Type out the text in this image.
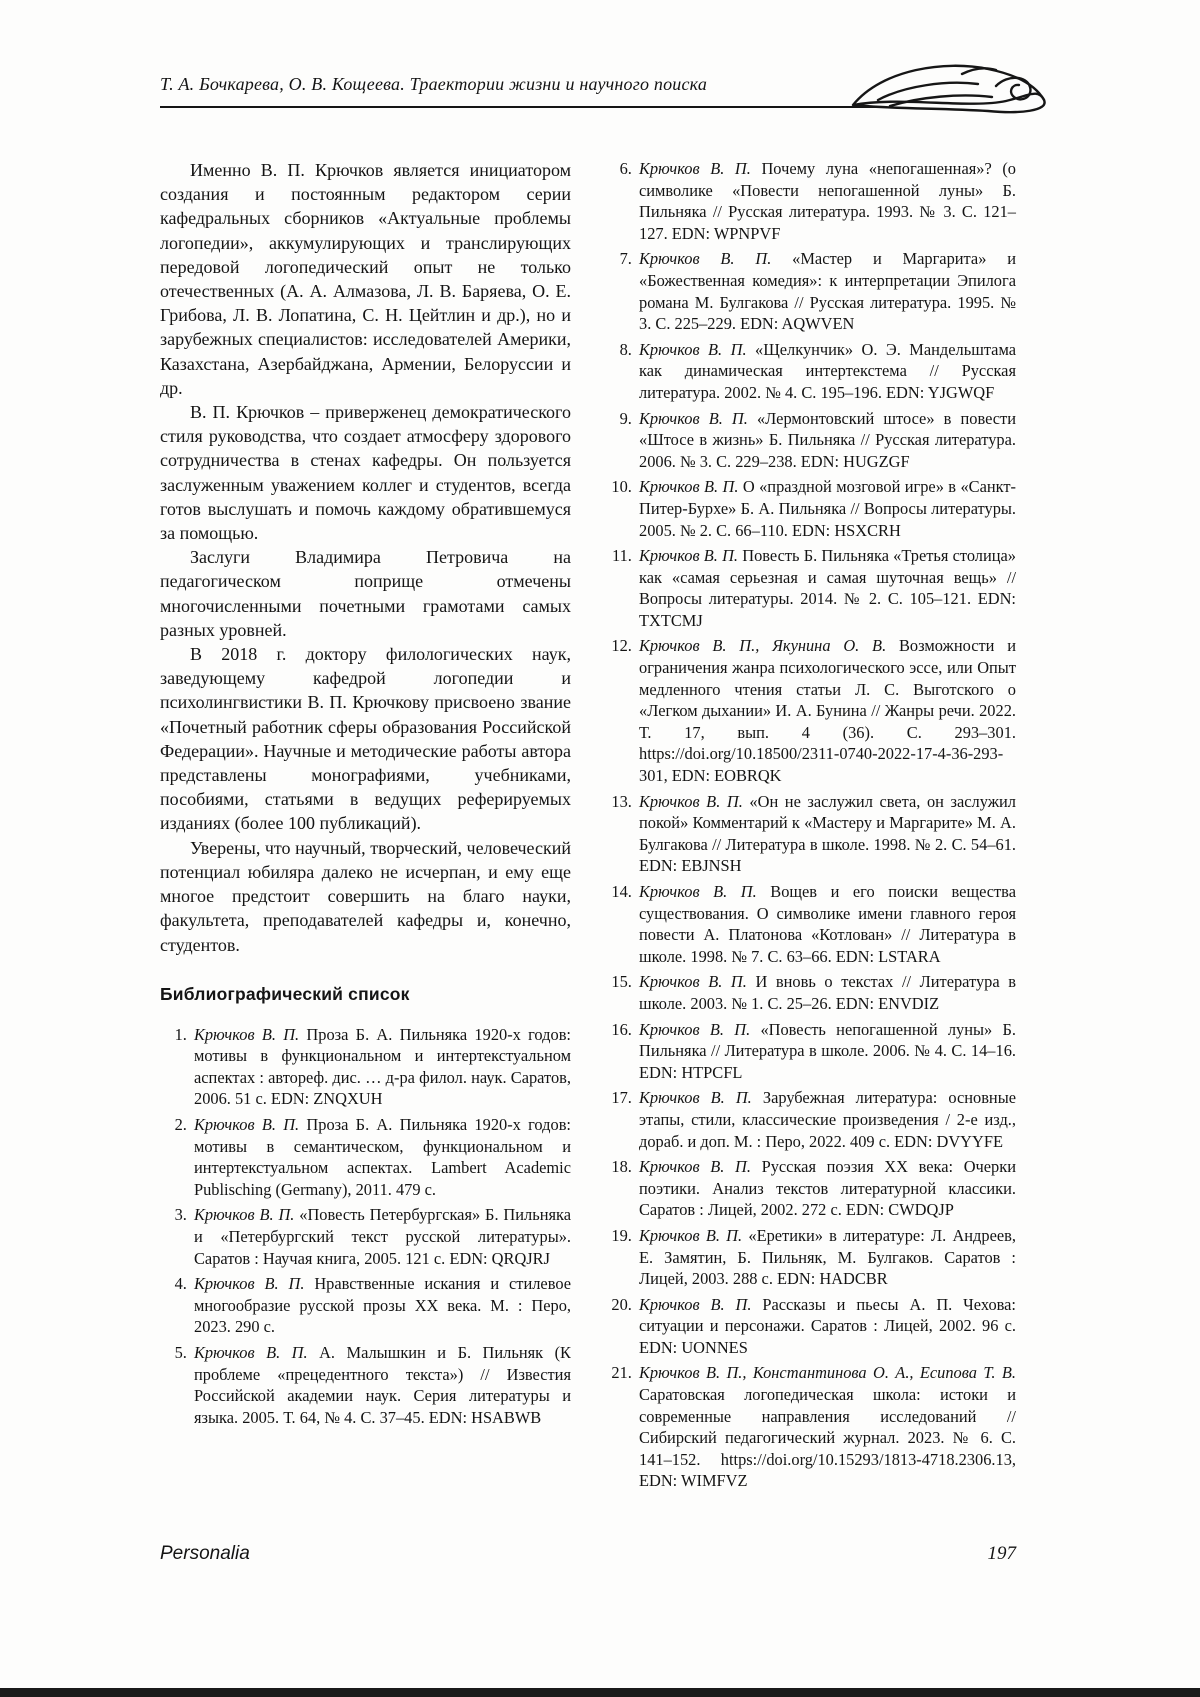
Т. А. Бочкарева, О. В. Кощеева. Траектории жизни и научного поиска

Именно В. П. Крючков является инициатором создания и постоянным редактором серии кафедральных сборников «Актуальные проблемы логопедии», аккумулирующих и транслирующих передовой логопедический опыт не только отечественных (А. А. Алмазова, Л. В. Баряева, О. Е. Грибова, Л. В. Лопатина, С. Н. Цейтлин и др.), но и зарубежных специалистов: исследователей Америки, Казахстана, Азербайджана, Армении, Белоруссии и др.

В. П. Крючков – приверженец демократического стиля руководства, что создает атмосферу здорового сотрудничества в стенах кафедры. Он пользуется заслуженным уважением коллег и студентов, всегда готов выслушать и помочь каждому обратившемуся за помощью.

Заслуги Владимира Петровича на педагогическом поприще отмечены многочисленными почетными грамотами самых разных уровней.

В 2018 г. доктору филологических наук, заведующему кафедрой логопедии и психолингвистики В. П. Крючкову присвоено звание «Почетный работник сферы образования Российской Федерации». Научные и методические работы автора представлены монографиями, учебниками, пособиями, статьями в ведущих реферируемых изданиях (более 100 публикаций).

Уверены, что научный, творческий, человеческий потенциал юбиляра далеко не исчерпан, и ему еще многое предстоит совершить на благо науки, факультета, преподавателей кафедры и, конечно, студентов.

Библиографический список
1. Крючков В. П. Проза Б. А. Пильняка 1920-х годов: мотивы в функциональном и интертекстуальном аспектах : автореф. дис. … д-ра филол. наук. Саратов, 2006. 51 с. EDN: ZNQXUH
2. Крючков В. П. Проза Б. А. Пильняка 1920-х годов: мотивы в семантическом, функциональном и интертекстуальном аспектах. Lambert Academic Publisching (Germany), 2011. 479 с.
3. Крючков В. П. «Повесть Петербургская» Б. Пильняка и «Петербургский текст русской литературы». Саратов : Научая книга, 2005. 121 с. EDN: QRQJRJ
4. Крючков В. П. Нравственные искания и стилевое многообразие русской прозы XX века. М. : Перо, 2023. 290 с.
5. Крючков В. П. А. Малышкин и Б. Пильняк (К проблеме «прецедентного текста») // Известия Российской академии наук. Серия литературы и языка. 2005. Т. 64, № 4. С. 37–45. EDN: HSABWB
6. Крючков В. П. Почему луна «непогашенная»? (о символике «Повести непогашенной луны» Б. Пильняка // Русская литература. 1993. № 3. С. 121–127. EDN: WPNPVF
7. Крючков В. П. «Мастер и Маргарита» и «Божественная комедия»: к интерпретации Эпилога романа М. Булгакова // Русская литература. 1995. № 3. С. 225–229. EDN: AQWVEN
8. Крючков В. П. «Щелкунчик» О. Э. Мандельштама как динамическая интертекстема // Русская литература. 2002. № 4. С. 195–196. EDN: YJGWQF
9. Крючков В. П. «Лермонтовский штосе» в повести «Штосе в жизнь» Б. Пильняка // Русская литература. 2006. № 3. С. 229–238. EDN: HUGZGF
10. Крючков В. П. О «праздной мозговой игре» в «Санкт-Питер-Бурхе» Б. А. Пильняка // Вопросы литературы. 2005. № 2. С. 66–110. EDN: HSXCRH
11. Крючков В. П. Повесть Б. Пильняка «Третья столица» как «самая серьезная и самая шуточная вещь» // Вопросы литературы. 2014. № 2. С. 105–121. EDN: TXTCMJ
12. Крючков В. П., Якунина О. В. Возможности и ограничения жанра психологического эссе, или Опыт медленного чтения статьи Л. С. Выготского о «Легком дыхании» И. А. Бунина // Жанры речи. 2022. Т. 17, вып. 4 (36). С. 293–301. https://doi.org/10.18500/2311-0740-2022-17-4-36-293-301, EDN: EOBRQK
13. Крючков В. П. «Он не заслужил света, он заслужил покой» Комментарий к «Мастеру и Маргарите» М. А. Булгакова // Литература в школе. 1998. № 2. С. 54–61. EDN: EBJNSH
14. Крючков В. П. Вощев и его поиски вещества существования. О символике имени главного героя повести А. Платонова «Котлован» // Литература в школе. 1998. № 7. С. 63–66. EDN: LSTARA
15. Крючков В. П. И вновь о текстах // Литература в школе. 2003. № 1. С. 25–26. EDN: ENVDIZ
16. Крючков В. П. «Повесть непогашенной луны» Б. Пильняка // Литература в школе. 2006. № 4. С. 14–16. EDN: HTPCFL
17. Крючков В. П. Зарубежная литература: основные этапы, стили, классические произведения / 2-е изд., дораб. и доп. М. : Перо, 2022. 409 с. EDN: DVYYFE
18. Крючков В. П. Русская поэзия XX века: Очерки поэтики. Анализ текстов литературной классики. Саратов : Лицей, 2002. 272 с. EDN: CWDQJP
19. Крючков В. П. «Еретики» в литературе: Л. Андреев, Е. Замятин, Б. Пильняк, М. Булгаков. Саратов : Лицей, 2003. 288 с. EDN: HADCBR
20. Крючков В. П. Рассказы и пьесы А. П. Чехова: ситуации и персонажи. Саратов : Лицей, 2002. 96 с. EDN: UONNES
21. Крючков В. П., Константинова О. А., Есипова Т. В. Саратовская логопедическая школа: истоки и современные направления исследований // Сибирский педагогический журнал. 2023. № 6. С. 141–152. https://doi.org/10.15293/1813-4718.2306.13, EDN: WIMFVZ
Personalia	197
